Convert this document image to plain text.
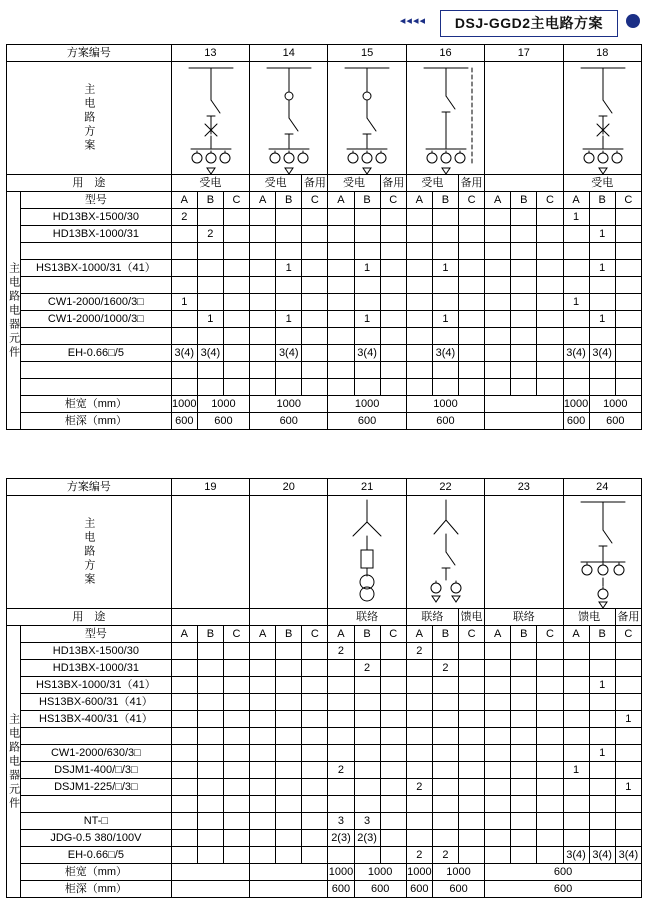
◂◂◂◂	DSJ-GGD2主电路方案
方案编号		13			14			15			16			17			18		

主电路方案

用　途		受电			受电		备用	受电		备用	受电		备用				受电		

主电路电器元件	型号	A	B	C	A	B	C	A	B	C	A	B	C	A	B	C	A	B	C
	HD13BX-1500/30	2															1		
	HD13BX-1000/31		2															1	

	HS13BX-1000/31（41）					1			1			1						1	

	CW1-2000/1600/3□	1															1		
	CW1-2000/1000/3□		1			1			1			1						1	

	EH-0.66□/5	3(4)	3(4)			3(4)			3(4)			3(4)					3(4)	3(4)	

	柜宽（mm）	1000	1000		1000			1000			1000						1000	1000	
	柜深（mm）	600	600		600			600			600						600	600	
方案编号		19			20			21			22			23			24		

主电路方案

用　途								联络			联络		馈电	联络			馈电		备用

主电路电器元件	型号	A	B	C	A	B	C	A	B	C	A	B	C	A	B	C	A	B	C
	HD13BX-1500/30							2			2								
	HD13BX-1000/31								2			2							
	HS13BX-1000/31（41）																	1	
	HS13BX-600/31（41）																		
	HS13BX-400/31（41）																		1

	CW1-2000/630/3□																	1	
	DSJM1-400/□/3□							2									1		
	DSJM1-225/□/3□										2								1

	NT-□							3	3										
	JDG-0.5 380/100V							2(3)	2(3)										
	EH-0.66□/5										2	2					3(4)	3(4)	3(4)
	柜宽（mm）							1000	1000		1000	1000		600					
	柜深（mm）							600	600		600	600		600					
